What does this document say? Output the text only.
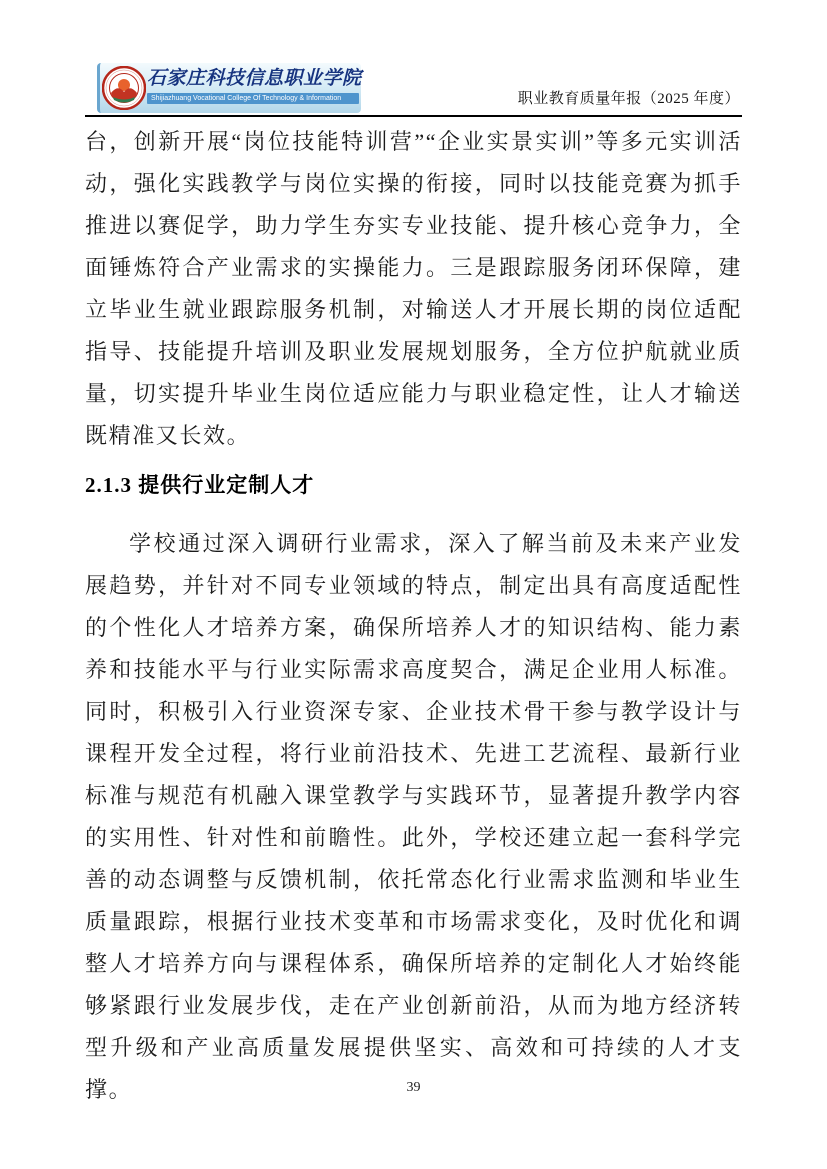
石家庄科技信息职业学院
Shijiazhuang Vocational College Of Technology & Information	职业教育质量年报（2025 年度）

台，创新开展“岗位技能特训营”“企业实景实训”等多元实训活动，强化实践教学与岗位实操的衔接，同时以技能竞赛为抓手推进以赛促学，助力学生夯实专业技能、提升核心竞争力，全面锤炼符合产业需求的实操能力。三是跟踪服务闭环保障，建立毕业生就业跟踪服务机制，对输送人才开展长期的岗位适配指导、技能提升培训及职业发展规划服务，全方位护航就业质量，切实提升毕业生岗位适应能力与职业稳定性，让人才输送既精准又长效。

2.1.3 提供行业定制人才

学校通过深入调研行业需求，深入了解当前及未来产业发展趋势，并针对不同专业领域的特点，制定出具有高度适配性的个性化人才培养方案，确保所培养人才的知识结构、能力素养和技能水平与行业实际需求高度契合，满足企业用人标准。同时，积极引入行业资深专家、企业技术骨干参与教学设计与课程开发全过程，将行业前沿技术、先进工艺流程、最新行业标准与规范有机融入课堂教学与实践环节，显著提升教学内容的实用性、针对性和前瞻性。此外，学校还建立起一套科学完善的动态调整与反馈机制，依托常态化行业需求监测和毕业生质量跟踪，根据行业技术变革和市场需求变化，及时优化和调整人才培养方向与课程体系，确保所培养的定制化人才始终能够紧跟行业发展步伐，走在产业创新前沿，从而为地方经济转型升级和产业高质量发展提供坚实、高效和可持续的人才支撑。	39
